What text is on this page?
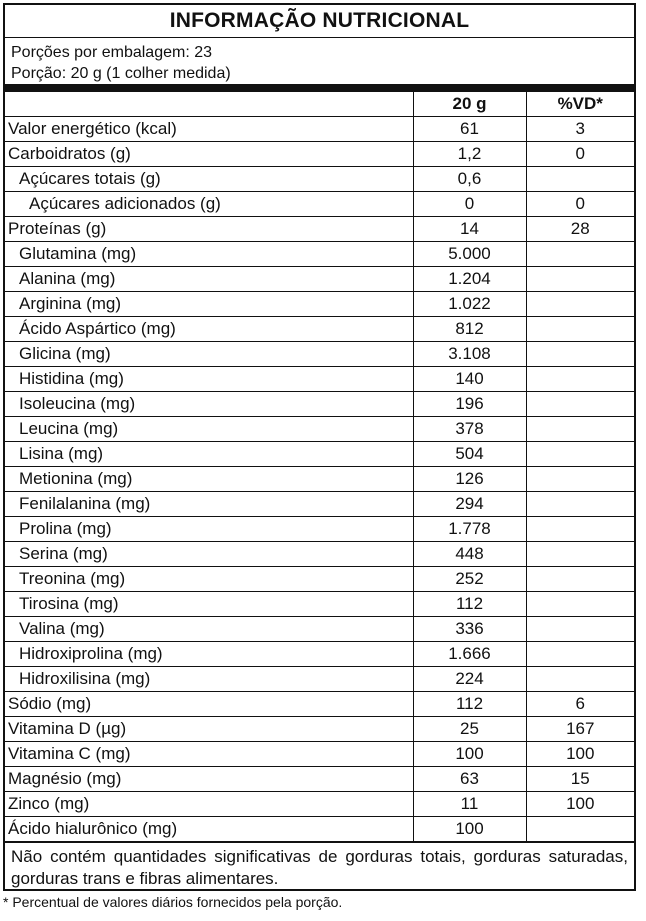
INFORMAÇÃO NUTRICIONAL
Porções por embalagem: 23
Porção: 20 g (1 colher medida)
	20 g	%VD*
Valor energético (kcal)	61	3
Carboidratos (g)	1,2	0
Açúcares totais (g)	0,6	
Açúcares adicionados (g)	0	0
Proteínas (g)	14	28
Glutamina (mg)	5.000	
Alanina (mg)	1.204	
Arginina (mg)	1.022	
Ácido Aspártico (mg)	812	
Glicina (mg)	3.108	
Histidina (mg)	140	
Isoleucina (mg)	196	
Leucina (mg)	378	
Lisina (mg)	504	
Metionina (mg)	126	
Fenilalanina (mg)	294	
Prolina (mg)	1.778	
Serina (mg)	448	
Treonina (mg)	252	
Tirosina (mg)	112	
Valina (mg)	336	
Hidroxiprolina (mg)	1.666	
Hidroxilisina (mg)	224	
Sódio (mg)	112	6
Vitamina D (µg)	25	167
Vitamina C (mg)	100	100
Magnésio (mg)	63	15
Zinco (mg)	11	100
Ácido hialurônico (mg)	100	
Não contém quantidades significativas de gorduras totais, gorduras saturadas, gorduras trans e fibras alimentares.
* Percentual de valores diários fornecidos pela porção.
